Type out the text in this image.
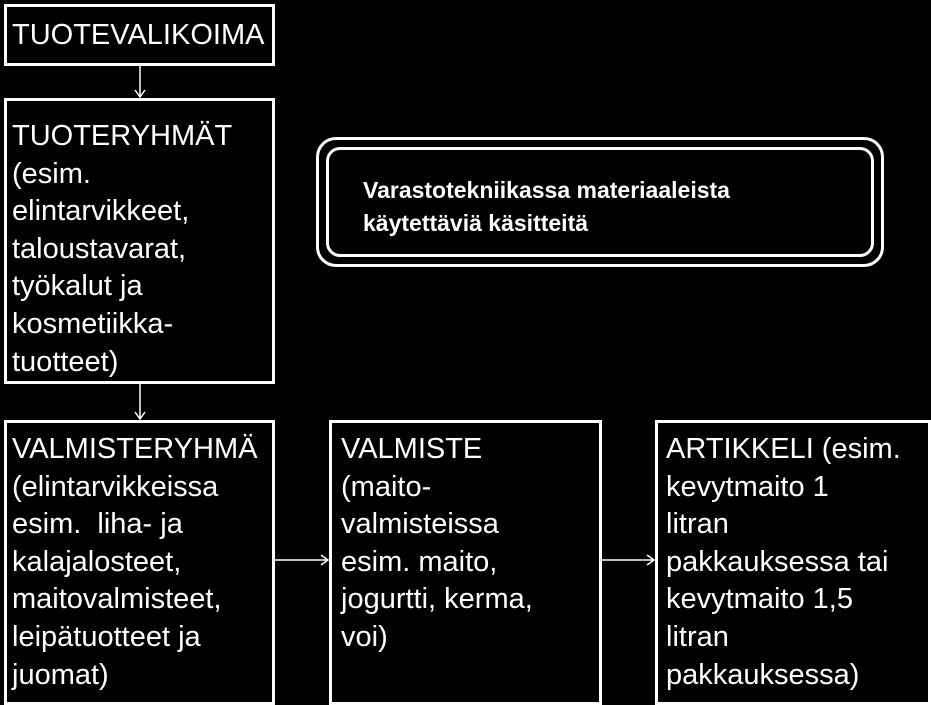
TUOTEVALIKOIMA
TUOTERYHMÄT
(esim.
elintarvikkeet,
taloustavarat,
työkalut ja
kosmetiikka-
tuotteet)
VALMISTERYHMÄ
(elintarvikkeissa
esim.  liha- ja
kalajalosteet,
maitovalmisteet,
leipätuotteet ja
juomat)
VALMISTE
(maito-
valmisteissa
esim. maito,
jogurtti, kerma,
voi)
ARTIKKELI (esim.
kevytmaito 1
litran
pakkauksessa tai
kevytmaito 1,5
litran
pakkauksessa)
Varastotekniikassa materiaaleista
käytettäviä käsitteitä
